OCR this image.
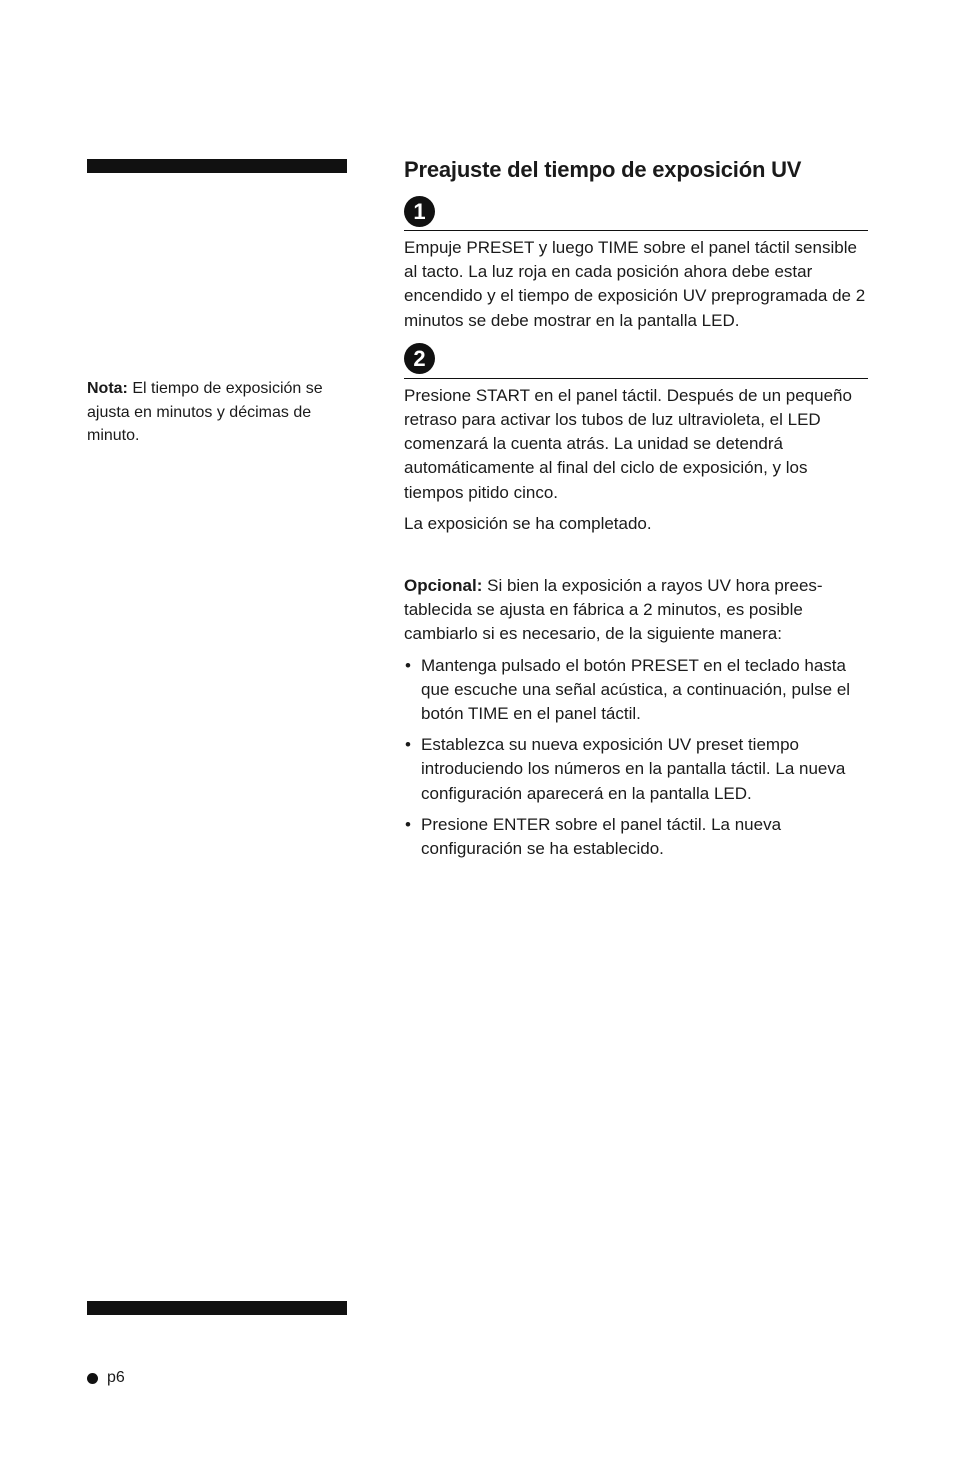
Nota: El tiempo de exposición se ajusta en minutos y décimas de minuto.
Preajuste del tiempo de exposición UV
1

Empuje PRESET y luego TIME sobre el panel táctil sensible al tacto. La luz roja en cada posición ahora debe estar encendido y el tiempo de exposición UV preprogramada de 2 minutos se debe mostrar en la pantalla LED.

2

Presione START en el panel táctil. Después de un pequeño retraso para activar los tubos de luz ultravioleta, el LED comenzará la cuenta atrás. La unidad se detendrá automáticamente al final del ciclo de exposición, y los tiempos pitido cinco.

La exposición se ha completado.

Opcional: Si bien la exposición a rayos UV hora preestablecida se ajusta en fábrica a 2 minutos, es posible cambiarlo si es necesario, de la siguiente manera:

• Mantenga pulsado el botón PRESET en el teclado hasta que escuche una señal acústica, a continuación, pulse el botón TIME en el panel táctil.
• Establezca su nueva exposición UV preset tiempo introduciendo los números en la pantalla táctil. La nueva configuración aparecerá en la pantalla LED.
• Presione ENTER sobre el panel táctil. La nueva configuración se ha establecido.
p6
